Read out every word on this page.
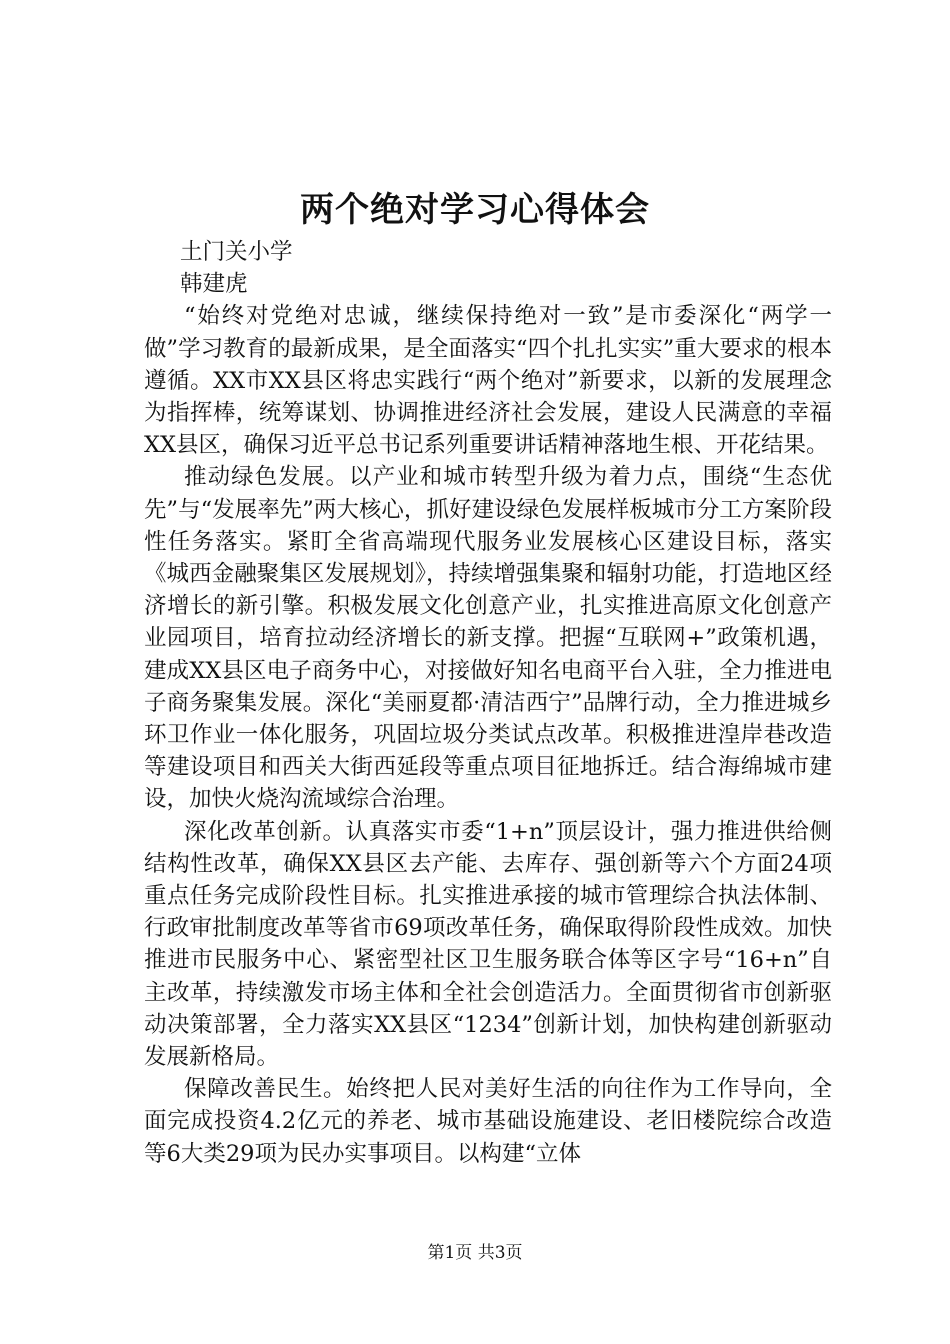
两个绝对学习心得体会

土门关小学

韩建虎

“始终对党绝对忠诚，继续保持绝对一致”是市委深化“两学一做”学习教育的最新成果，是全面落实“四个扎扎实实”重大要求的根本遵循。XX市XX县区将忠实践行“两个绝对”新要求，以新的发展理念为指挥棒，统筹谋划、协调推进经济社会发展，建设人民满意的幸福XX县区，确保习近平总书记系列重要讲话精神落地生根、开花结果。

推动绿色发展。以产业和城市转型升级为着力点，围绕“生态优先”与“发展率先”两大核心，抓好建设绿色发展样板城市分工方案阶段性任务落实。紧盯全省高端现代服务业发展核心区建设目标，落实《城西金融聚集区发展规划》，持续增强集聚和辐射功能，打造地区经济增长的新引擎。积极发展文化创意产业，扎实推进高原文化创意产业园项目，培育拉动经济增长的新支撑。把握“互联网+”政策机遇，建成XX县区电子商务中心，对接做好知名电商平台入驻，全力推进电子商务聚集发展。深化“美丽夏都·清洁西宁”品牌行动，全力推进城乡环卫作业一体化服务，巩固垃圾分类试点改革。积极推进湟岸巷改造等建设项目和西关大街西延段等重点项目征地拆迁。结合海绵城市建设，加快火烧沟流域综合治理。

深化改革创新。认真落实市委“1+n”顶层设计，强力推进供给侧结构性改革，确保XX县区去产能、去库存、强创新等六个方面24项重点任务完成阶段性目标。扎实推进承接的城市管理综合执法体制、行政审批制度改革等省市69项改革任务，确保取得阶段性成效。加快推进市民服务中心、紧密型社区卫生服务联合体等区字号“16+n”自主改革，持续激发市场主体和全社会创造活力。全面贯彻省市创新驱动决策部署，全力落实XX县区“1234”创新计划，加快构建创新驱动发展新格局。

保障改善民生。始终把人民对美好生活的向往作为工作导向，全面完成投资4.2亿元的养老、城市基础设施建设、老旧楼院综合改造等6大类29项为民办实事项目。以构建“立体

第1页 共3页
